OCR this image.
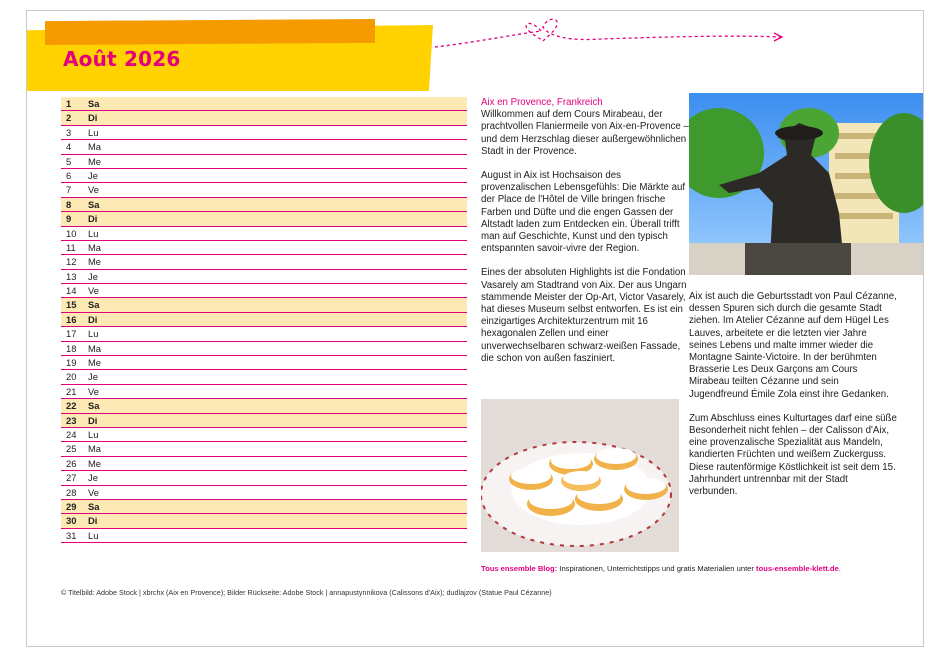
Août 2026
1	Sa
2	Di
3	Lu
4	Ma
5	Me
6	Je
7	Ve
8	Sa
9	Di
10	Lu
11	Ma
12	Me
13	Je
14	Ve
15	Sa
16	Di
17	Lu
18	Ma
19	Me
20	Je
21	Ve
22	Sa
23	Di
24	Lu
25	Ma
26	Me
27	Je
28	Ve
29	Sa
30	Di
31	Lu
Aix en Provence, Frankreich

Willkommen auf dem Cours Mirabeau, der prachtvollen Flaniermeile von Aix-en-Provence – und dem Herzschlag dieser außergewöhnlichen Stadt in der Provence.

August in Aix ist Hochsaison des provenzalischen Lebensgefühls: Die Märkte auf der Place de l'Hôtel de Ville bringen frische Farben und Düfte und die engen Gassen der Altstadt laden zum Entdecken ein. Überall trifft man auf Geschichte, Kunst und den typisch entspannten savoir-vivre der Region.

Eines der absoluten Highlights ist die Fondation Vasarely am Stadtrand von Aix. Der aus Ungarn stammende Meister der Op-Art, Victor Vasarely, hat dieses Museum selbst entworfen. Es ist ein einzigartiges Architekturzentrum mit 16 hexagonalen Zellen und einer unverwechselbaren schwarz-weißen Fassade, die schon von außen fasziniert.

Aix ist auch die Geburtsstadt von Paul Cézanne, dessen Spuren sich durch die gesamte Stadt ziehen. Im Atelier Cézanne auf dem Hügel Les Lauves, arbeitete er die letzten vier Jahre seines Lebens und malte immer wieder die Montagne Sainte-Victoire. In der berühmten Brasserie Les Deux Garçons am Cours Mirabeau teilten Cézanne und sein Jugendfreund Émile Zola einst ihre Gedanken.

Zum Abschluss eines Kulturtages darf eine süße Besonderheit nicht fehlen – der Calisson d'Aix, eine provenzalische Spezialität aus Mandeln, kandierten Früchten und weißem Zuckerguss. Diese rautenförmige Köstlichkeit ist seit dem 15. Jahrhundert untrennbar mit der Stadt verbunden.

Tous ensemble Blog: Inspirationen, Unterrichtstipps und gratis Materialien unter tous-ensemble-klett.de.
© Titelbild: Adobe Stock | xbrchx (Aix en Provence); Bilder Rückseite: Adobe Stock | annapustynnikova (Calissons d'Aix); dudlajzov (Statue Paul Cézanne)
